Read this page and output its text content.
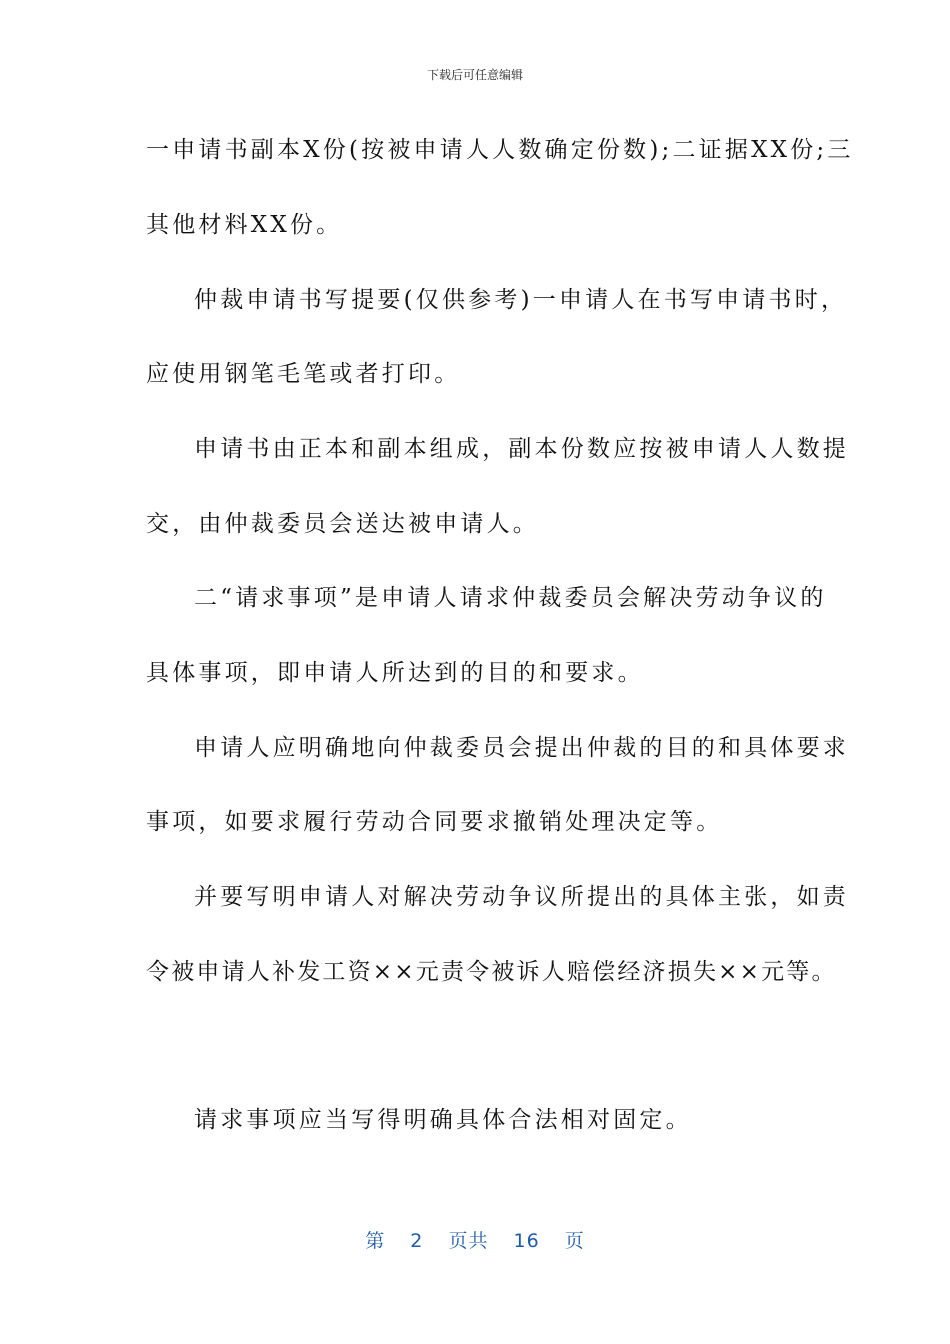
下载后可任意编辑
一申请书副本X份(按被申请人人数确定份数);二证据XX份;三
其他材料XX份。
仲裁申请书写提要(仅供参考)一申请人在书写申请书时，
应使用钢笔毛笔或者打印。
申请书由正本和副本组成，副本份数应按被申请人人数提
交，由仲裁委员会送达被申请人。
二“请求事项”是申请人请求仲裁委员会解决劳动争议的
具体事项，即申请人所达到的目的和要求。
申请人应明确地向仲裁委员会提出仲裁的目的和具体要求
事项，如要求履行劳动合同要求撤销处理决定等。
并要写明申请人对解决劳动争议所提出的具体主张，如责
令被申请人补发工资××元责令被诉人赔偿经济损失××元等。
请求事项应当写得明确具体合法相对固定。
第 2 页共 16 页
